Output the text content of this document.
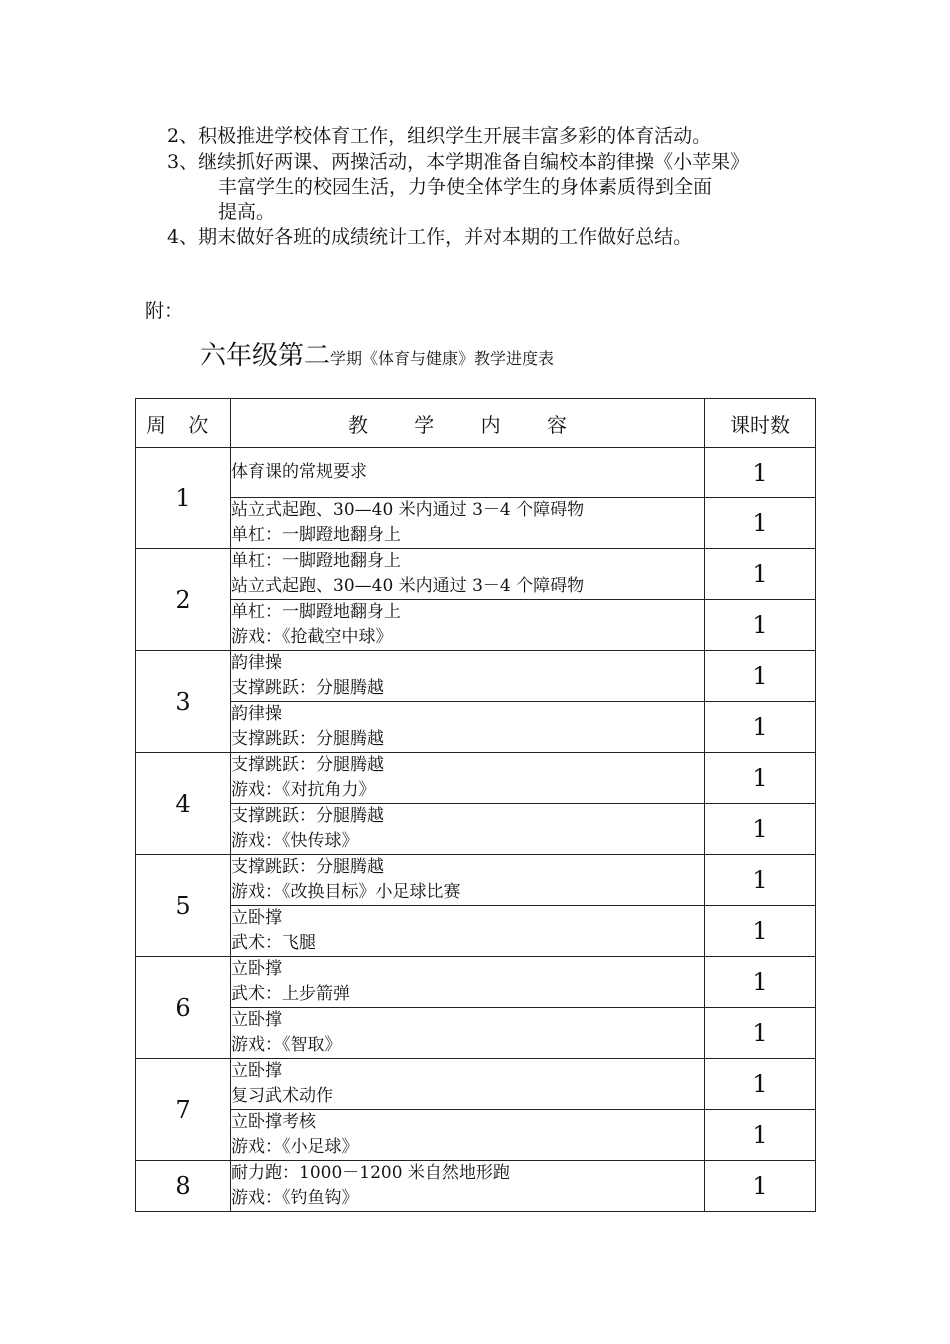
2、积极推进学校体育工作，组织学生开展丰富多彩的体育活动。

3、继续抓好两课、两操活动，本学期准备自编校本韵律操《小苹果》

丰富学生的校园生活，力争使全体学生的身体素质得到全面

提高。

4、期末做好各班的成绩统计工作，并对本期的工作做好总结。

附：

六年级第二学期《体育与健康》教学进度表
周 次	教 学 内 容	课时数
1	体育课的常规要求	1

	站立式起跑、30—40 米内通过 3－4 个障碍物
单杠：一脚蹬地翻身上	1
2	单杠：一脚蹬地翻身上
站立式起跑、30—40 米内通过 3－4 个障碍物	1

	单杠：一脚蹬地翻身上
游戏：《抢截空中球》	1
3	韵律操
支撑跳跃：分腿腾越	1

	韵律操
支撑跳跃：分腿腾越	1
4	支撑跳跃：分腿腾越
游戏：《对抗角力》	1

	支撑跳跃：分腿腾越
游戏：《快传球》	1
5	支撑跳跃：分腿腾越
游戏：《改换目标》小足球比赛	1

	立卧撑
武术：飞腿	1
6	立卧撑
武术：上步箭弹	1

	立卧撑
游戏：《智取》	1
7	立卧撑
复习武术动作	1

	立卧撑考核
游戏：《小足球》	1
8	耐力跑：1000－1200 米自然地形跑
游戏：《钓鱼钩》	1
